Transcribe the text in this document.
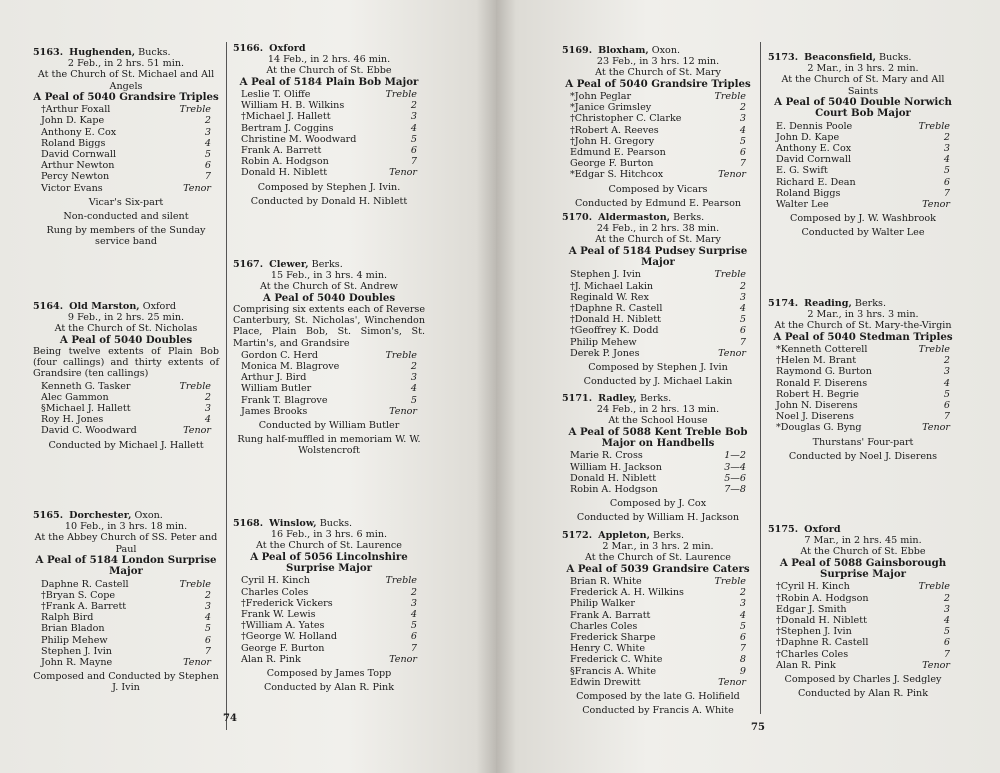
5163. Hughenden, Bucks.
2 Feb., in 2 hrs. 51 min.
At the Church of St. Michael and All Angels
A Peal of 5040 Grandsire Triples
†Arthur Foxall	Treble
John D. Kape	2
Anthony E. Cox	3
Roland Biggs	4
David Cornwall	5
Arthur Newton	6
Percy Newton	7
Victor Evans	Tenor
Vicar's Six-part
Non-conducted and silent
Rung by members of the Sunday service band
5164. Old Marston, Oxford
9 Feb., in 2 hrs. 25 min.
At the Church of St. Nicholas
A Peal of 5040 Doubles
Being twelve extents of Plain Bob (four callings) and thirty extents of Grandsire (ten callings)
Kenneth G. Tasker	Treble
Alec Gammon	2
§Michael J. Hallett	3
Roy H. Jones	4
David C. Woodward	Tenor
Conducted by Michael J. Hallett
5165. Dorchester, Oxon.
10 Feb., in 3 hrs. 18 min.
At the Abbey Church of SS. Peter and Paul
A Peal of 5184 London Surprise Major
Daphne R. Castell	Treble
†Bryan S. Cope	2
†Frank A. Barrett	3
Ralph Bird	4
Brian Bladon	5
Philip Mehew	6
Stephen J. Ivin	7
John R. Mayne	Tenor
Composed and Conducted by Stephen J. Ivin
5166. Oxford
14 Feb., in 2 hrs. 46 min.
At the Church of St. Ebbe
A Peal of 5184 Plain Bob Major
Leslie T. Oliffe	Treble
William H. B. Wilkins	2
†Michael J. Hallett	3
Bertram J. Coggins	4
Christine M. Woodward	5
Frank A. Barrett	6
Robin A. Hodgson	7
Donald H. Niblett	Tenor
Composed by Stephen J. Ivin.
Conducted by Donald H. Niblett
5167. Clewer, Berks.
15 Feb., in 3 hrs. 4 min.
At the Church of St. Andrew
A Peal of 5040 Doubles
Comprising six extents each of Reverse Canterbury, St. Nicholas', Winchendon Place, Plain Bob, St. Simon's, St. Martin's, and Grandsire
Gordon C. Herd	Treble
Monica M. Blagrove	2
Arthur J. Bird	3
William Butler	4
Frank T. Blagrove	5
James Brooks	Tenor
Conducted by William Butler
Rung half-muffled in memoriam W. W. Wolstencroft
5168. Winslow, Bucks.
16 Feb., in 3 hrs. 6 min.
At the Church of St. Laurence
A Peal of 5056 Lincolnshire Surprise Major
Cyril H. Kinch	Treble
Charles Coles	2
†Frederick Vickers	3
Frank W. Lewis	4
†William A. Yates	5
†George W. Holland	6
George F. Burton	7
Alan R. Pink	Tenor
Composed by James Topp
Conducted by Alan R. Pink
74
5169. Bloxham, Oxon.
23 Feb., in 3 hrs. 12 min.
At the Church of St. Mary
A Peal of 5040 Grandsire Triples
*John Peglar	Treble
*Janice Grimsley	2
†Christopher C. Clarke	3
†Robert A. Reeves	4
†John H. Gregory	5
Edmund E. Pearson	6
George F. Burton	7
*Edgar S. Hitchcox	Tenor
Composed by Vicars
Conducted by Edmund E. Pearson
5170. Aldermaston, Berks.
24 Feb., in 2 hrs. 38 min.
At the Church of St. Mary
A Peal of 5184 Pudsey Surprise Major
Stephen J. Ivin	Treble
†J. Michael Lakin	2
Reginald W. Rex	3
†Daphne R. Castell	4
†Donald H. Niblett	5
†Geoffrey K. Dodd	6
Philip Mehew	7
Derek P. Jones	Tenor
Composed by Stephen J. Ivin
Conducted by J. Michael Lakin
5171. Radley, Berks.
24 Feb., in 2 hrs. 13 min.
At the School House
A Peal of 5088 Kent Treble Bob Major on Handbells
Marie R. Cross	1—2
William H. Jackson	3—4
Donald H. Niblett	5—6
Robin A. Hodgson	7—8
Composed by J. Cox
Conducted by William H. Jackson
5172. Appleton, Berks.
2 Mar., in 3 hrs. 2 min.
At the Church of St. Laurence
A Peal of 5039 Grandsire Caters
Brian R. White	Treble
Frederick A. H. Wilkins	2
Philip Walker	3
Frank A. Barratt	4
Charles Coles	5
Frederick Sharpe	6
Henry C. White	7
Frederick C. White	8
§Francis A. White	9
Edwin Drewitt	Tenor
Composed by the late G. Holifield
Conducted by Francis A. White
5173. Beaconsfield, Bucks.
2 Mar., in 3 hrs. 2 min.
At the Church of St. Mary and All Saints
A Peal of 5040 Double Norwich Court Bob Major
E. Dennis Poole	Treble
John D. Kape	2
Anthony E. Cox	3
David Cornwall	4
E. G. Swift	5
Richard E. Dean	6
Roland Biggs	7
Walter Lee	Tenor
Composed by J. W. Washbrook
Conducted by Walter Lee
5174. Reading, Berks.
2 Mar., in 3 hrs. 3 min.
At the Church of St. Mary-the-Virgin
A Peal of 5040 Stedman Triples
*Kenneth Cotterell	Treble
†Helen M. Brant	2
Raymond G. Burton	3
Ronald F. Diserens	4
Robert H. Begrie	5
John N. Diserens	6
Noel J. Diserens	7
*Douglas G. Byng	Tenor
Thurstans' Four-part
Conducted by Noel J. Diserens
5175. Oxford
7 Mar., in 2 hrs. 45 min.
At the Church of St. Ebbe
A Peal of 5088 Gainsborough Surprise Major
†Cyril H. Kinch	Treble
†Robin A. Hodgson	2
Edgar J. Smith	3
†Donald H. Niblett	4
†Stephen J. Ivin	5
†Daphne R. Castell	6
†Charles Coles	7
Alan R. Pink	Tenor
Composed by Charles J. Sedgley
Conducted by Alan R. Pink
75
